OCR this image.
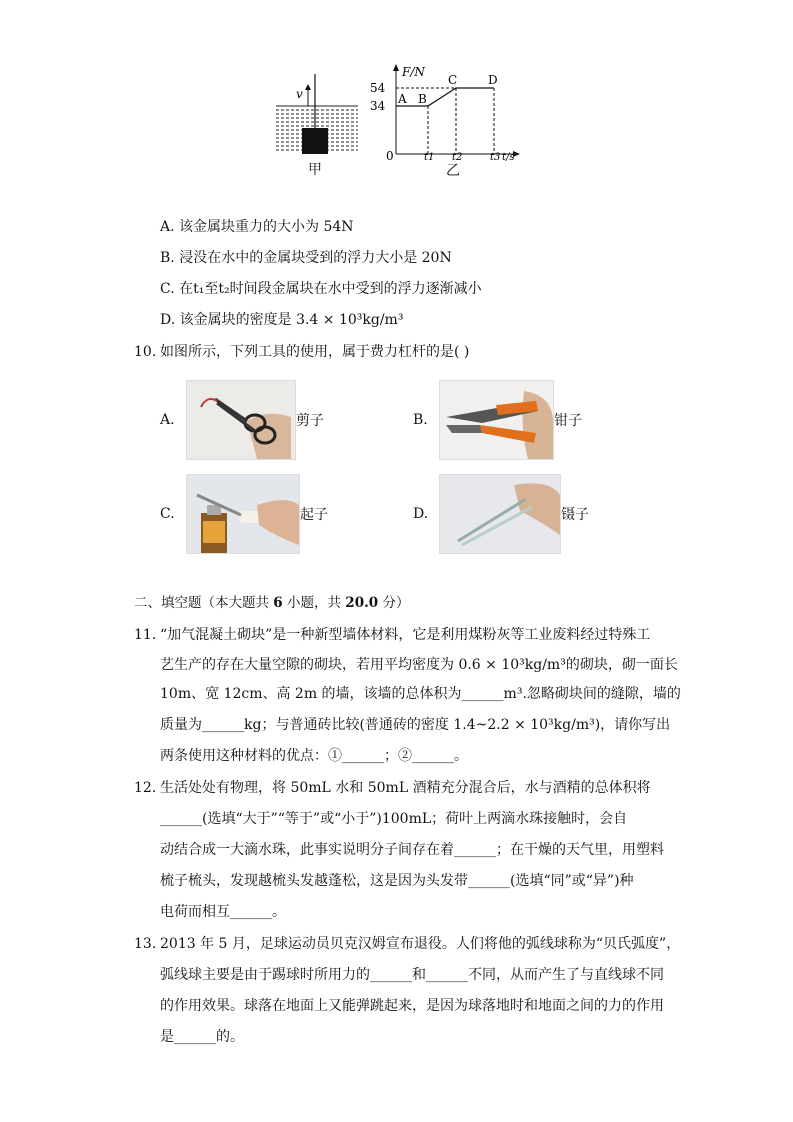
v
甲
F/N
54
34 A B
C	D
0	t1 t2	t3 t/s
乙
A. 该金属块重力的大小为 54N
B. 浸没在水中的金属块受到的浮力大小是 20N
C. 在t₁至t₂时间段金属块在水中受到的浮力逐渐减小
D. 该金属块的密度是 3.4 × 10³kg/m³
10. 如图所示，下列工具的使用，属于费力杠杆的是( )
A.	剪子	B.	钳子
C.	起子	D.	镊子
二、填空题（本大题共 6 小题，共 20.0 分）
11. “加气混凝土砌块”是一种新型墙体材料，它是利用煤粉灰等工业废料经过特殊工
艺生产的存在大量空隙的砌块，若用平均密度为 0.6 × 10³kg/m³的砌块，砌一面长
10m、宽 12cm、高 2m 的墙，该墙的总体积为______m³.忽略砌块间的缝隙，墙的
质量为______kg；与普通砖比较(普通砖的密度 1.4~2.2 × 10³kg/m³)，请你写出
两条使用这种材料的优点：①______；②______。
12. 生活处处有物理，将 50mL 水和 50mL 酒精充分混合后，水与酒精的总体积将
______(选填“大于”“等于”或“小于”)100mL；荷叶上两滴水珠接触时，会自
动结合成一大滴水珠，此事实说明分子间存在着______；在干燥的天气里，用塑料
梳子梳头，发现越梳头发越蓬松，这是因为头发带______(选填“同”或“异”)种
电荷而相互______。
13. 2013 年 5 月，足球运动员贝克汉姆宣布退役。人们将他的弧线球称为“贝氏弧度”，
弧线球主要是由于踢球时所用力的______和______不同，从而产生了与直线球不同
的作用效果。球落在地面上又能弹跳起来，是因为球落地时和地面之间的力的作用
是______的。
